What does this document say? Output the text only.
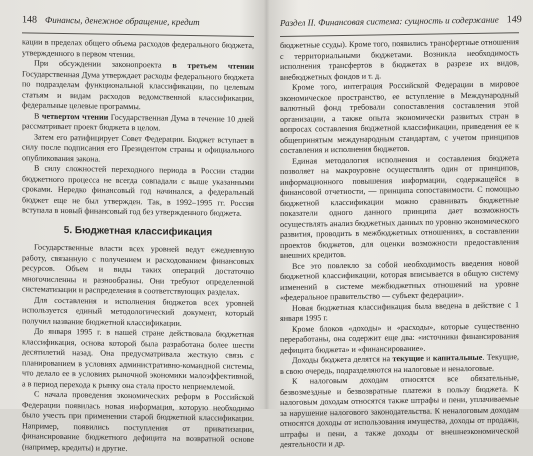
148 Финансы, денежное обращение, кредит

кации в пределах общего объема расходов федерального бюджета, утвержденного в первом чтении.

При обсуждении законопроекта в третьем чтении Государственная Дума утверждает расходы федерального бюджета по подразделам функциональной классификации, по целевым статьям и видам расходов ведомственной классификации, федеральные целевые программы.

В четвертом чтении Государственная Дума в течение 10 дней рассматривает проект бюджета в целом.

Затем его ратифицирует Совет Федерации. Бюджет вступает в силу после подписания его Президентом страны и официального опубликования закона.

В силу сложностей переходного периода в России стадии бюджетного процесса не всегда совпадали с выше указанными сроками. Нередко финансовый год начинался, а федеральный бюджет еще не был утвержден. Так, в 1992–1995 гг. Россия вступала в новый финансовый год без утвержденного бюджета.

5. Бюджетная классификация

Государственные власти всех уровней ведут ежедневную работу, связанную с получением и расходованием финансовых ресурсов. Объем и виды таких операций достаточно многочисленны и разнообразны. Они требуют определенной систематизации и распределения в соответствующих разделах.

Для составления и исполнения бюджетов всех уровней используется единый методологический документ, который получил название бюджетной классификации.

До января 1995 г. в нашей стране действовала бюджетная классификация, основа которой была разработана более шести десятилетий назад. Она предусматривала жесткую связь с планированием в условиях административно-командной системы, что делало ее в условиях рыночной экономики малоэффективной, а в период перехода к рынку она стала просто неприемлемой.

С начала проведения экономических реформ в Российской Федерации появилась новая информация, которую необходимо было учесть при применении старой бюджетной классификации. Например, появились поступления от приватизации, финансирование бюджетного дефицита на возвратной основе (например, кредиты) и другие.

Раздел II. Финансовая система: сущность и содержание 149

бюджетные ссуды). Кроме того, появились трансфертные отношения с территориальными бюджетами. Возникла необходимость исполнения трансфертов в бюджетах в разрезе их видов, внебюджетных фондов и т. д.

Кроме того, интеграция Российской Федерации в мировое экономическое пространство, ее вступление в Международный валютный фонд требовали сопоставления составления этой организации, а также опыта экономически развитых стран в вопросах составления бюджетной классификации, приведения ее к общепринятым международным стандартам, с учетом принципов составления и исполнения бюджетов.

Единая методология исполнения и составления бюджета позволяет на макроуровне осуществлять один от принципов, информационного повышения информации, содержащейся в финансовой отчетности, — принципа сопоставимости. С помощью бюджетной классификации можно сравнивать бюджетные показатели одного данного принципа дает возможность осуществлять анализ бюджетных данных по уровню экономического развития, проводить в межбюджетных отношениях, в составлении проектов бюджетов, для оценки возможности предоставления внешних кредитов.

Все это повлекло за собой необходимость введения новой бюджетной классификации, которая вписывается в общую систему изменений в системе межбюджетных отношений на уровне «федеральное правительство — субъект федерации».

Новая бюджетная классификация была введена в действие с 1 января 1995 г.

Кроме блоков «доходы» и «расходы», которые существенно переработаны, она содержит еще два: «источники финансирования дефицита бюджета» и «финансирование».

Доходы бюджета делятся на текущие и капитальные. Текущие, в свою очередь, подразделяются на налоговые и неналоговые.

К налоговым доходам относятся все обязательные, безвозмездные и безвозвратные платежи в пользу бюджета. К налоговым доходам относятся также штрафы и пени, уплачиваемые за нарушение налогового законодательства. К неналоговым доходам относятся доходы от использования имущества, доходы от продажи, штрафы и пени, а также доходы от внешнеэкономической деятельности и др.
